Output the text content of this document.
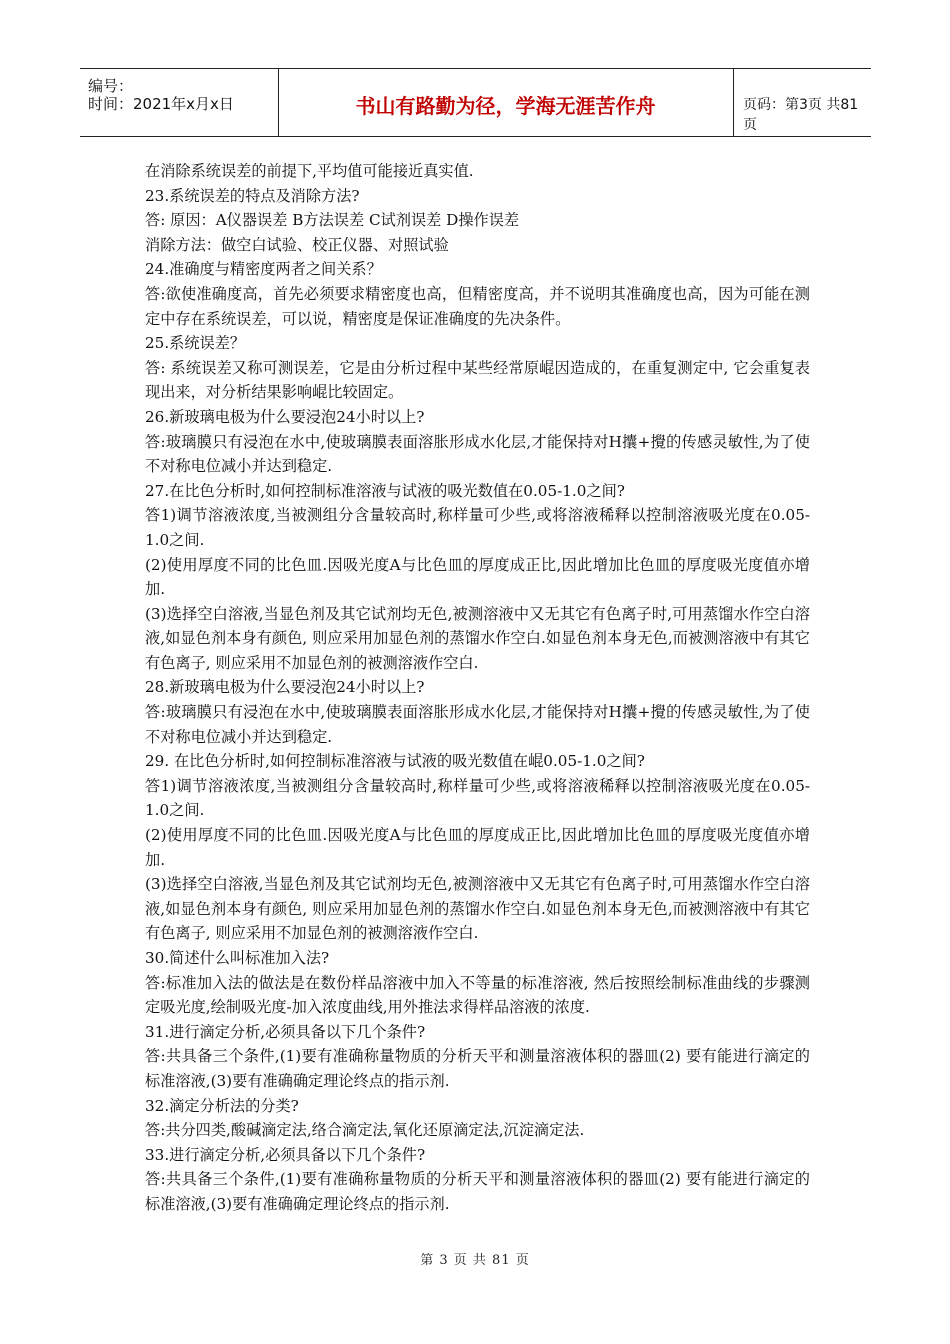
编号：
时间：2021年x月x日	书山有路勤为径，学海无涯苦作舟	页码：第3页 共81页

在消除系统误差的前提下,平均值可能接近真实值.

23.系统误差的特点及消除方法?

答: 原因：A仪器误差 B方法误差 C试剂误差 D操作误差

消除方法：做空白试验、校正仪器、对照试验

24.准确度与精密度两者之间关系？

答:欲使准确度高，首先必须要求精密度也高，但精密度高，并不说明其准确度也高，因为可能在测定中存在系统误差，可以说，精密度是保证准确度的先决条件。

25.系统误差？

答: 系统误差又称可测误差，它是由分析过程中某些经常原崐因造成的，在重复测定中, 它会重复表现出来，对分析结果影响崐比较固定。

26.新玻璃电极为什么要浸泡24小时以上?

答:玻璃膜只有浸泡在水中,使玻璃膜表面溶胀形成水化层,才能保持对H攮+攪的传感灵敏性,为了使不对称电位减小并达到稳定.

27.在比色分析时,如何控制标准溶液与试液的吸光数值在0.05-1.0之间?

答1)调节溶液浓度,当被测组分含量较高时,称样量可少些,或将溶液稀释以控制溶液吸光度在0.05-1.0之间.

(2)使用厚度不同的比色皿.因吸光度A与比色皿的厚度成正比,因此增加比色皿的厚度吸光度值亦增加.

(3)选择空白溶液,当显色剂及其它试剂均无色,被测溶液中又无其它有色离子时,可用蒸馏水作空白溶液,如显色剂本身有颜色, 则应采用加显色剂的蒸馏水作空白.如显色剂本身无色,而被测溶液中有其它有色离子, 则应采用不加显色剂的被测溶液作空白.

28.新玻璃电极为什么要浸泡24小时以上?

答:玻璃膜只有浸泡在水中,使玻璃膜表面溶胀形成水化层,才能保持对H攮+攪的传感灵敏性,为了使不对称电位减小并达到稳定.

29. 在比色分析时,如何控制标准溶液与试液的吸光数值在崐0.05-1.0之间?

答1)调节溶液浓度,当被测组分含量较高时,称样量可少些,或将溶液稀释以控制溶液吸光度在0.05-1.0之间.

(2)使用厚度不同的比色皿.因吸光度A与比色皿的厚度成正比,因此增加比色皿的厚度吸光度值亦增加.

(3)选择空白溶液,当显色剂及其它试剂均无色,被测溶液中又无其它有色离子时,可用蒸馏水作空白溶液,如显色剂本身有颜色, 则应采用加显色剂的蒸馏水作空白.如显色剂本身无色,而被测溶液中有其它有色离子, 则应采用不加显色剂的被测溶液作空白.

30.简述什么叫标准加入法?

答:标准加入法的做法是在数份样品溶液中加入不等量的标准溶液, 然后按照绘制标准曲线的步骤测定吸光度,绘制吸光度-加入浓度曲线,用外推法求得样品溶液的浓度.

31.进行滴定分析,必须具备以下几个条件?

答:共具备三个条件,(1)要有准确称量物质的分析天平和测量溶液体积的器皿(2) 要有能进行滴定的标准溶液,(3)要有准确确定理论终点的指示剂.

32.滴定分析法的分类?

答:共分四类,酸碱滴定法,络合滴定法,氧化还原滴定法,沉淀滴定法.

33.进行滴定分析,必须具备以下几个条件?

答:共具备三个条件,(1)要有准确称量物质的分析天平和测量溶液体积的器皿(2) 要有能进行滴定的标准溶液,(3)要有准确确定理论终点的指示剂.

第 3 页 共 81 页
